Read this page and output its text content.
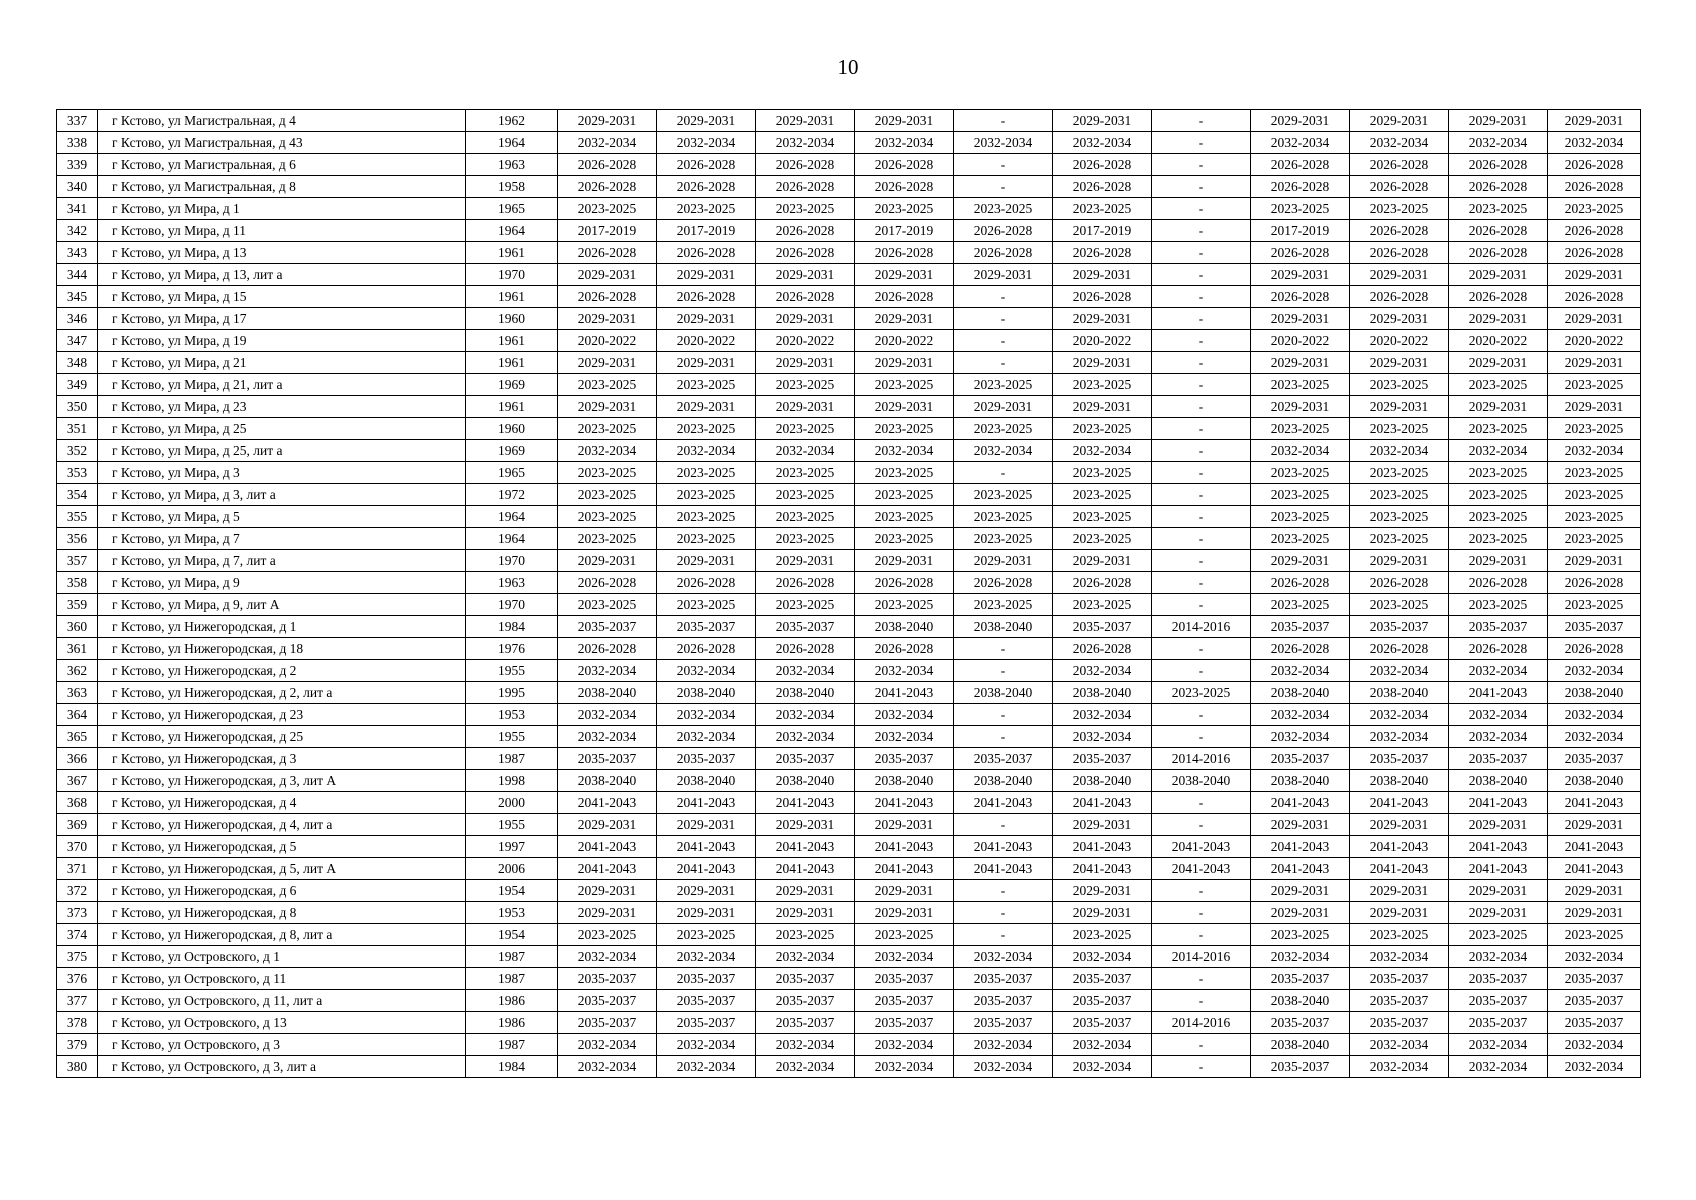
10
337	г Кстово, ул Магистральная, д 4	1962	2029-2031	2029-2031	2029-2031	2029-2031	-	2029-2031	-	2029-2031	2029-2031	2029-2031	2029-2031
338	г Кстово, ул Магистральная, д 43	1964	2032-2034	2032-2034	2032-2034	2032-2034	2032-2034	2032-2034	-	2032-2034	2032-2034	2032-2034	2032-2034
339	г Кстово, ул Магистральная, д 6	1963	2026-2028	2026-2028	2026-2028	2026-2028	-	2026-2028	-	2026-2028	2026-2028	2026-2028	2026-2028
340	г Кстово, ул Магистральная, д 8	1958	2026-2028	2026-2028	2026-2028	2026-2028	-	2026-2028	-	2026-2028	2026-2028	2026-2028	2026-2028
341	г Кстово, ул Мира, д 1	1965	2023-2025	2023-2025	2023-2025	2023-2025	2023-2025	2023-2025	-	2023-2025	2023-2025	2023-2025	2023-2025
342	г Кстово, ул Мира, д 11	1964	2017-2019	2017-2019	2026-2028	2017-2019	2026-2028	2017-2019	-	2017-2019	2026-2028	2026-2028	2026-2028
343	г Кстово, ул Мира, д 13	1961	2026-2028	2026-2028	2026-2028	2026-2028	2026-2028	2026-2028	-	2026-2028	2026-2028	2026-2028	2026-2028
344	г Кстово, ул Мира, д 13, лит а	1970	2029-2031	2029-2031	2029-2031	2029-2031	2029-2031	2029-2031	-	2029-2031	2029-2031	2029-2031	2029-2031
345	г Кстово, ул Мира, д 15	1961	2026-2028	2026-2028	2026-2028	2026-2028	-	2026-2028	-	2026-2028	2026-2028	2026-2028	2026-2028
346	г Кстово, ул Мира, д 17	1960	2029-2031	2029-2031	2029-2031	2029-2031	-	2029-2031	-	2029-2031	2029-2031	2029-2031	2029-2031
347	г Кстово, ул Мира, д 19	1961	2020-2022	2020-2022	2020-2022	2020-2022	-	2020-2022	-	2020-2022	2020-2022	2020-2022	2020-2022
348	г Кстово, ул Мира, д 21	1961	2029-2031	2029-2031	2029-2031	2029-2031	-	2029-2031	-	2029-2031	2029-2031	2029-2031	2029-2031
349	г Кстово, ул Мира, д 21, лит а	1969	2023-2025	2023-2025	2023-2025	2023-2025	2023-2025	2023-2025	-	2023-2025	2023-2025	2023-2025	2023-2025
350	г Кстово, ул Мира, д 23	1961	2029-2031	2029-2031	2029-2031	2029-2031	2029-2031	2029-2031	-	2029-2031	2029-2031	2029-2031	2029-2031
351	г Кстово, ул Мира, д 25	1960	2023-2025	2023-2025	2023-2025	2023-2025	2023-2025	2023-2025	-	2023-2025	2023-2025	2023-2025	2023-2025
352	г Кстово, ул Мира, д 25, лит а	1969	2032-2034	2032-2034	2032-2034	2032-2034	2032-2034	2032-2034	-	2032-2034	2032-2034	2032-2034	2032-2034
353	г Кстово, ул Мира, д 3	1965	2023-2025	2023-2025	2023-2025	2023-2025	-	2023-2025	-	2023-2025	2023-2025	2023-2025	2023-2025
354	г Кстово, ул Мира, д 3, лит а	1972	2023-2025	2023-2025	2023-2025	2023-2025	2023-2025	2023-2025	-	2023-2025	2023-2025	2023-2025	2023-2025
355	г Кстово, ул Мира, д 5	1964	2023-2025	2023-2025	2023-2025	2023-2025	2023-2025	2023-2025	-	2023-2025	2023-2025	2023-2025	2023-2025
356	г Кстово, ул Мира, д 7	1964	2023-2025	2023-2025	2023-2025	2023-2025	2023-2025	2023-2025	-	2023-2025	2023-2025	2023-2025	2023-2025
357	г Кстово, ул Мира, д 7, лит а	1970	2029-2031	2029-2031	2029-2031	2029-2031	2029-2031	2029-2031	-	2029-2031	2029-2031	2029-2031	2029-2031
358	г Кстово, ул Мира, д 9	1963	2026-2028	2026-2028	2026-2028	2026-2028	2026-2028	2026-2028	-	2026-2028	2026-2028	2026-2028	2026-2028
359	г Кстово, ул Мира, д 9, лит А	1970	2023-2025	2023-2025	2023-2025	2023-2025	2023-2025	2023-2025	-	2023-2025	2023-2025	2023-2025	2023-2025
360	г Кстово, ул Нижегородская, д 1	1984	2035-2037	2035-2037	2035-2037	2038-2040	2038-2040	2035-2037	2014-2016	2035-2037	2035-2037	2035-2037	2035-2037
361	г Кстово, ул Нижегородская, д 18	1976	2026-2028	2026-2028	2026-2028	2026-2028	-	2026-2028	-	2026-2028	2026-2028	2026-2028	2026-2028
362	г Кстово, ул Нижегородская, д 2	1955	2032-2034	2032-2034	2032-2034	2032-2034	-	2032-2034	-	2032-2034	2032-2034	2032-2034	2032-2034
363	г Кстово, ул Нижегородская, д 2, лит а	1995	2038-2040	2038-2040	2038-2040	2041-2043	2038-2040	2038-2040	2023-2025	2038-2040	2038-2040	2041-2043	2038-2040
364	г Кстово, ул Нижегородская, д 23	1953	2032-2034	2032-2034	2032-2034	2032-2034	-	2032-2034	-	2032-2034	2032-2034	2032-2034	2032-2034
365	г Кстово, ул Нижегородская, д 25	1955	2032-2034	2032-2034	2032-2034	2032-2034	-	2032-2034	-	2032-2034	2032-2034	2032-2034	2032-2034
366	г Кстово, ул Нижегородская, д 3	1987	2035-2037	2035-2037	2035-2037	2035-2037	2035-2037	2035-2037	2014-2016	2035-2037	2035-2037	2035-2037	2035-2037
367	г Кстово, ул Нижегородская, д 3, лит А	1998	2038-2040	2038-2040	2038-2040	2038-2040	2038-2040	2038-2040	2038-2040	2038-2040	2038-2040	2038-2040	2038-2040
368	г Кстово, ул Нижегородская, д 4	2000	2041-2043	2041-2043	2041-2043	2041-2043	2041-2043	2041-2043	-	2041-2043	2041-2043	2041-2043	2041-2043
369	г Кстово, ул Нижегородская, д 4, лит а	1955	2029-2031	2029-2031	2029-2031	2029-2031	-	2029-2031	-	2029-2031	2029-2031	2029-2031	2029-2031
370	г Кстово, ул Нижегородская, д 5	1997	2041-2043	2041-2043	2041-2043	2041-2043	2041-2043	2041-2043	2041-2043	2041-2043	2041-2043	2041-2043	2041-2043
371	г Кстово, ул Нижегородская, д 5, лит А	2006	2041-2043	2041-2043	2041-2043	2041-2043	2041-2043	2041-2043	2041-2043	2041-2043	2041-2043	2041-2043	2041-2043
372	г Кстово, ул Нижегородская, д 6	1954	2029-2031	2029-2031	2029-2031	2029-2031	-	2029-2031	-	2029-2031	2029-2031	2029-2031	2029-2031
373	г Кстово, ул Нижегородская, д 8	1953	2029-2031	2029-2031	2029-2031	2029-2031	-	2029-2031	-	2029-2031	2029-2031	2029-2031	2029-2031
374	г Кстово, ул Нижегородская, д 8, лит а	1954	2023-2025	2023-2025	2023-2025	2023-2025	-	2023-2025	-	2023-2025	2023-2025	2023-2025	2023-2025
375	г Кстово, ул Островского, д 1	1987	2032-2034	2032-2034	2032-2034	2032-2034	2032-2034	2032-2034	2014-2016	2032-2034	2032-2034	2032-2034	2032-2034
376	г Кстово, ул Островского, д 11	1987	2035-2037	2035-2037	2035-2037	2035-2037	2035-2037	2035-2037	-	2035-2037	2035-2037	2035-2037	2035-2037
377	г Кстово, ул Островского, д 11, лит а	1986	2035-2037	2035-2037	2035-2037	2035-2037	2035-2037	2035-2037	-	2038-2040	2035-2037	2035-2037	2035-2037
378	г Кстово, ул Островского, д 13	1986	2035-2037	2035-2037	2035-2037	2035-2037	2035-2037	2035-2037	2014-2016	2035-2037	2035-2037	2035-2037	2035-2037
379	г Кстово, ул Островского, д 3	1987	2032-2034	2032-2034	2032-2034	2032-2034	2032-2034	2032-2034	-	2038-2040	2032-2034	2032-2034	2032-2034
380	г Кстово, ул Островского, д 3, лит а	1984	2032-2034	2032-2034	2032-2034	2032-2034	2032-2034	2032-2034	-	2035-2037	2032-2034	2032-2034	2032-2034
